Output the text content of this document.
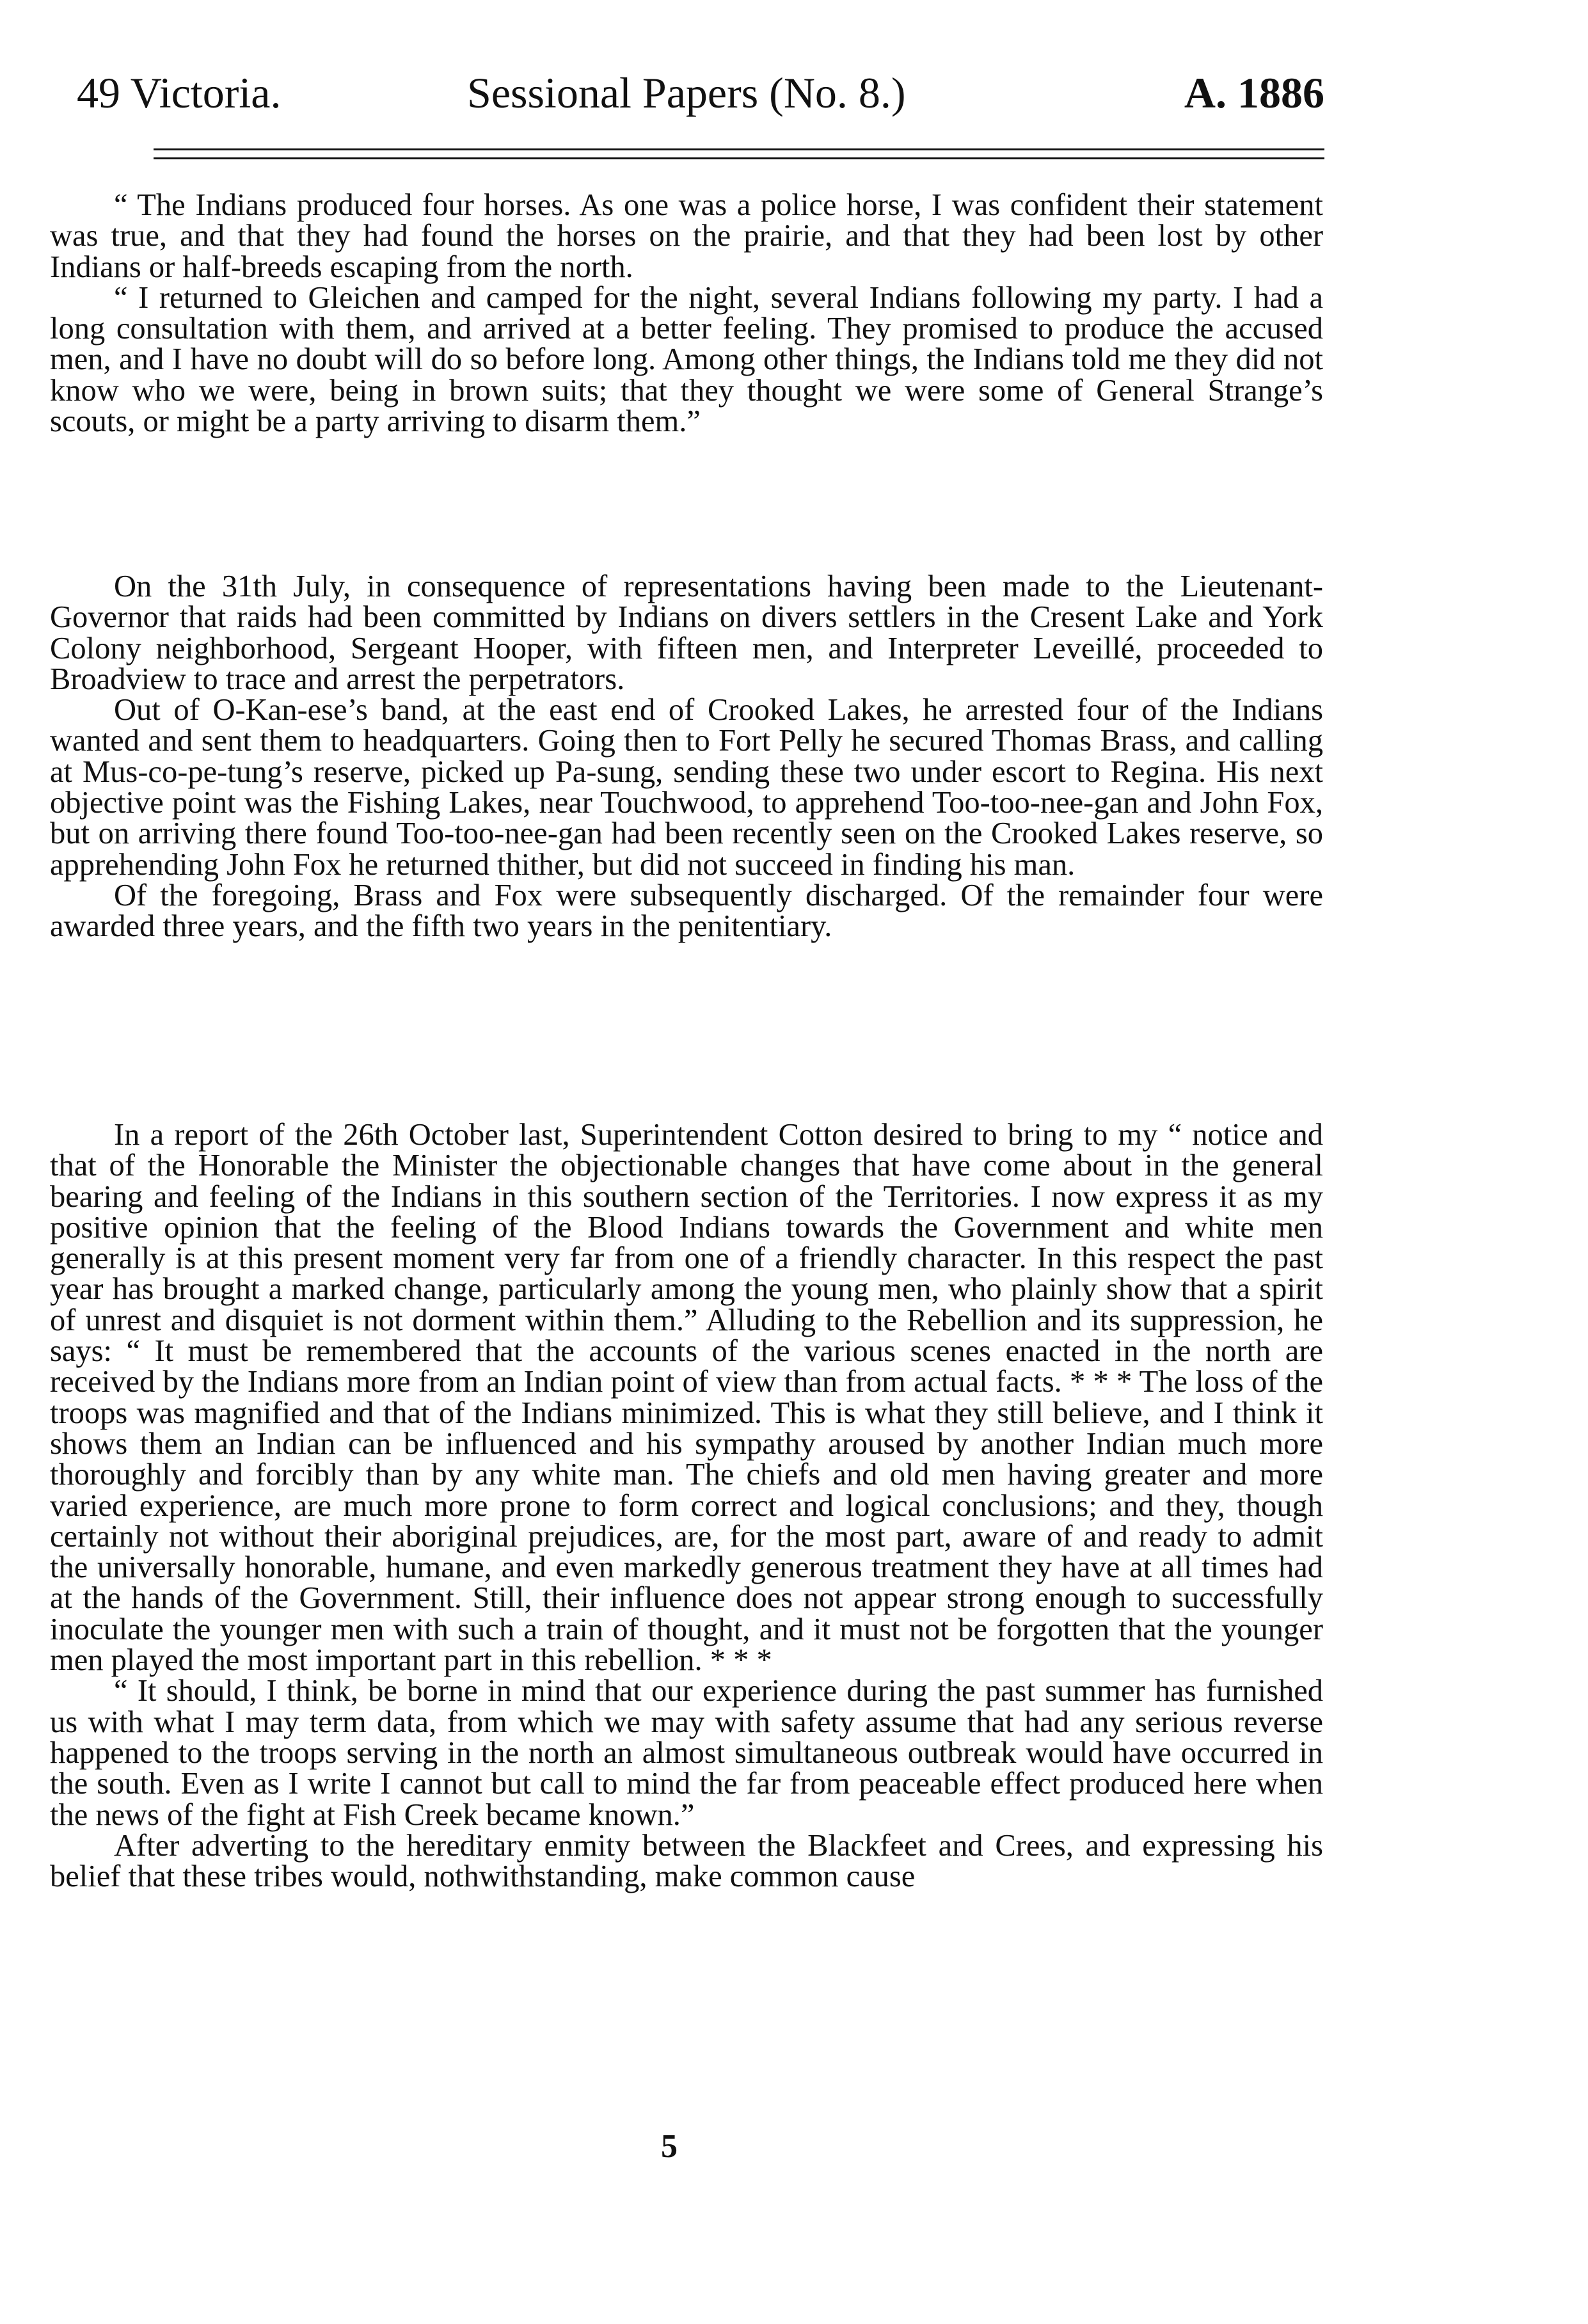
49 Victoria.	Sessional Papers (No. 8.)	A. 1886

“ The Indians produced four horses. As one was a police horse, I was confident their statement was true, and that they had found the horses on the prairie, and that they had been lost by other Indians or half-breeds escaping from the north.

“ I returned to Gleichen and camped for the night, several Indians following my party. I had a long consultation with them, and arrived at a better feeling. They promised to produce the accused men, and I have no doubt will do so before long. Among other things, the Indians told me they did not know who we were, being in brown suits; that they thought we were some of General Strange’s scouts, or might be a party arriving to disarm them.”

On the 31th July, in consequence of representations having been made to the Lieutenant-Governor that raids had been committed by Indians on divers settlers in the Cresent Lake and York Colony neighborhood, Sergeant Hooper, with fifteen men, and Interpreter Leveillé, proceeded to Broadview to trace and arrest the perpetrators.

Out of O-Kan-ese’s band, at the east end of Crooked Lakes, he arrested four of the Indians wanted and sent them to headquarters. Going then to Fort Pelly he secured Thomas Brass, and calling at Mus-co-pe-tung’s reserve, picked up Pa-sung, sending these two under escort to Regina. His next objective point was the Fishing Lakes, near Touchwood, to apprehend Too-too-nee-gan and John Fox, but on arriving there found Too-too-nee-gan had been recently seen on the Crooked Lakes reserve, so apprehending John Fox he returned thither, but did not succeed in finding his man.

Of the foregoing, Brass and Fox were subsequently discharged. Of the remainder four were awarded three years, and the fifth two years in the penitentiary.

In a report of the 26th October last, Superintendent Cotton desired to bring to my “ notice and that of the Honorable the Minister the objectionable changes that have come about in the general bearing and feeling of the Indians in this southern section of the Territories. I now express it as my positive opinion that the feeling of the Blood Indians towards the Government and white men generally is at this present moment very far from one of a friendly character. In this respect the past year has brought a marked change, particularly among the young men, who plainly show that a spirit of unrest and disquiet is not dorment within them.” Alluding to the Rebellion and its suppression, he says: “ It must be remembered that the accounts of the various scenes enacted in the north are received by the Indians more from an Indian point of view than from actual facts. * * * The loss of the troops was magnified and that of the Indians minimized. This is what they still believe, and I think it shows them an Indian can be influenced and his sympathy aroused by another Indian much more thoroughly and forcibly than by any white man. The chiefs and old men having greater and more varied experience, are much more prone to form correct and logical conclusions; and they, though certainly not without their aboriginal prejudices, are, for the most part, aware of and ready to admit the universally honorable, humane, and even markedly generous treatment they have at all times had at the hands of the Government. Still, their influence does not appear strong enough to successfully inoculate the younger men with such a train of thought, and it must not be forgotten that the younger men played the most important part in this rebellion. * * *

“ It should, I think, be borne in mind that our experience during the past summer has furnished us with what I may term data, from which we may with safety assume that had any serious reverse happened to the troops serving in the north an almost simultaneous outbreak would have occurred in the south. Even as I write I cannot but call to mind the far from peaceable effect produced here when the news of the fight at Fish Creek became known.”

After adverting to the hereditary enmity between the Blackfeet and Crees, and expressing his belief that these tribes would, nothwithstanding, make common cause

5
